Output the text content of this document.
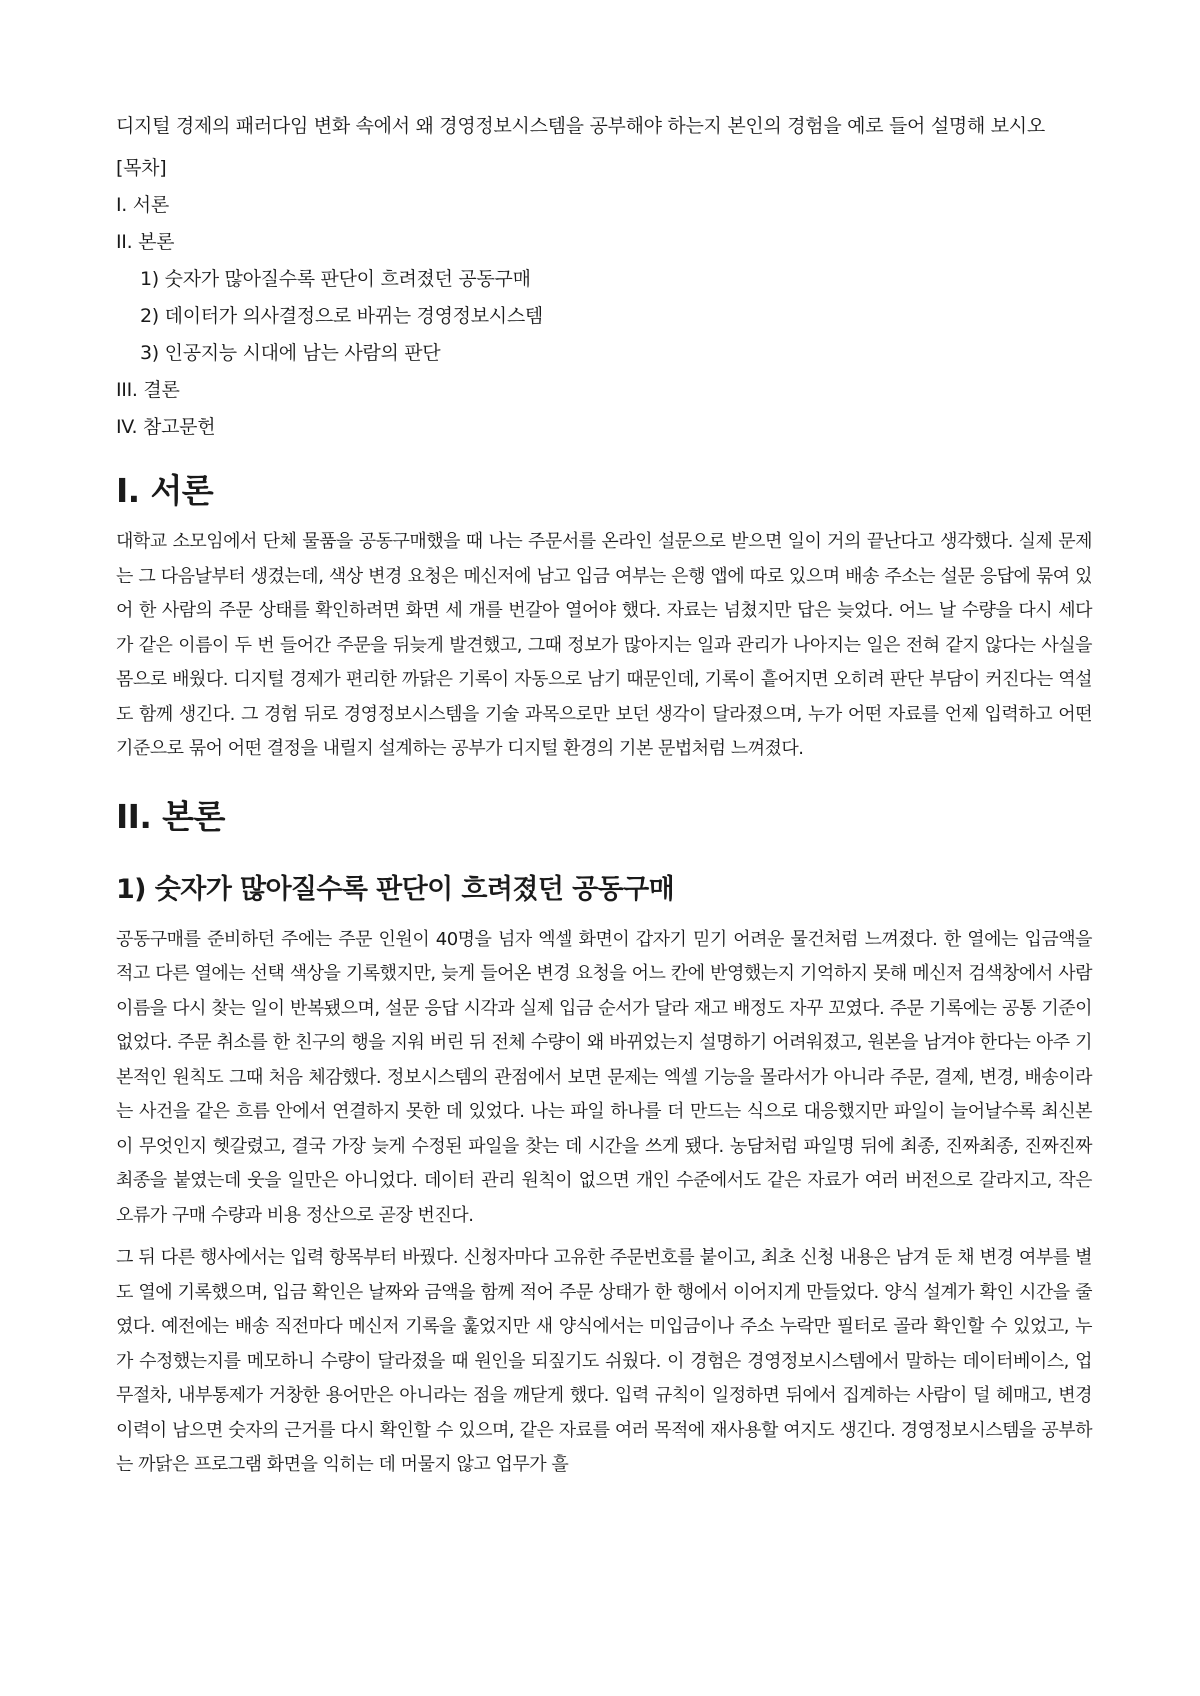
디지털 경제의 패러다임 변화 속에서 왜 경영정보시스템을 공부해야 하는지 본인의 경험을 예로 들어 설명해 보시오

[목차]

I. 서론
II. 본론
1) 숫자가 많아질수록 판단이 흐려졌던 공동구매
2) 데이터가 의사결정으로 바뀌는 경영정보시스템
3) 인공지능 시대에 남는 사람의 판단
III. 결론
IV. 참고문헌
I. 서론

대학교 소모임에서 단체 물품을 공동구매했을 때 나는 주문서를 온라인 설문으로 받으면 일이 거의 끝난다고 생각했다. 실제 문제는 그 다음날부터 생겼는데, 색상 변경 요청은 메신저에 남고 입금 여부는 은행 앱에 따로 있으며 배송 주소는 설문 응답에 묶여 있어 한 사람의 주문 상태를 확인하려면 화면 세 개를 번갈아 열어야 했다. 자료는 넘쳤지만 답은 늦었다. 어느 날 수량을 다시 세다가 같은 이름이 두 번 들어간 주문을 뒤늦게 발견했고, 그때 정보가 많아지는 일과 관리가 나아지는 일은 전혀 같지 않다는 사실을 몸으로 배웠다. 디지털 경제가 편리한 까닭은 기록이 자동으로 남기 때문인데, 기록이 흩어지면 오히려 판단 부담이 커진다는 역설도 함께 생긴다. 그 경험 뒤로 경영정보시스템을 기술 과목으로만 보던 생각이 달라졌으며, 누가 어떤 자료를 언제 입력하고 어떤 기준으로 묶어 어떤 결정을 내릴지 설계하는 공부가 디지털 환경의 기본 문법처럼 느껴졌다.

II. 본론
1) 숫자가 많아질수록 판단이 흐려졌던 공동구매

공동구매를 준비하던 주에는 주문 인원이 40명을 넘자 엑셀 화면이 갑자기 믿기 어려운 물건처럼 느껴졌다. 한 열에는 입금액을 적고 다른 열에는 선택 색상을 기록했지만, 늦게 들어온 변경 요청을 어느 칸에 반영했는지 기억하지 못해 메신저 검색창에서 사람 이름을 다시 찾는 일이 반복됐으며, 설문 응답 시각과 실제 입금 순서가 달라 재고 배정도 자꾸 꼬였다. 주문 기록에는 공통 기준이 없었다. 주문 취소를 한 친구의 행을 지워 버린 뒤 전체 수량이 왜 바뀌었는지 설명하기 어려워졌고, 원본을 남겨야 한다는 아주 기본적인 원칙도 그때 처음 체감했다. 정보시스템의 관점에서 보면 문제는 엑셀 기능을 몰라서가 아니라 주문, 결제, 변경, 배송이라는 사건을 같은 흐름 안에서 연결하지 못한 데 있었다. 나는 파일 하나를 더 만드는 식으로 대응했지만 파일이 늘어날수록 최신본이 무엇인지 헷갈렸고, 결국 가장 늦게 수정된 파일을 찾는 데 시간을 쓰게 됐다. 농담처럼 파일명 뒤에 최종, 진짜최종, 진짜진짜최종을 붙였는데 웃을 일만은 아니었다. 데이터 관리 원칙이 없으면 개인 수준에서도 같은 자료가 여러 버전으로 갈라지고, 작은 오류가 구매 수량과 비용 정산으로 곧장 번진다.

그 뒤 다른 행사에서는 입력 항목부터 바꿨다. 신청자마다 고유한 주문번호를 붙이고, 최초 신청 내용은 남겨 둔 채 변경 여부를 별도 열에 기록했으며, 입금 확인은 날짜와 금액을 함께 적어 주문 상태가 한 행에서 이어지게 만들었다. 양식 설계가 확인 시간을 줄였다. 예전에는 배송 직전마다 메신저 기록을 훑었지만 새 양식에서는 미입금이나 주소 누락만 필터로 골라 확인할 수 있었고, 누가 수정했는지를 메모하니 수량이 달라졌을 때 원인을 되짚기도 쉬웠다. 이 경험은 경영정보시스템에서 말하는 데이터베이스, 업무절차, 내부통제가 거창한 용어만은 아니라는 점을 깨닫게 했다. 입력 규칙이 일정하면 뒤에서 집계하는 사람이 덜 헤매고, 변경 이력이 남으면 숫자의 근거를 다시 확인할 수 있으며, 같은 자료를 여러 목적에 재사용할 여지도 생긴다. 경영정보시스템을 공부하는 까닭은 프로그램 화면을 익히는 데 머물지 않고 업무가 흘
